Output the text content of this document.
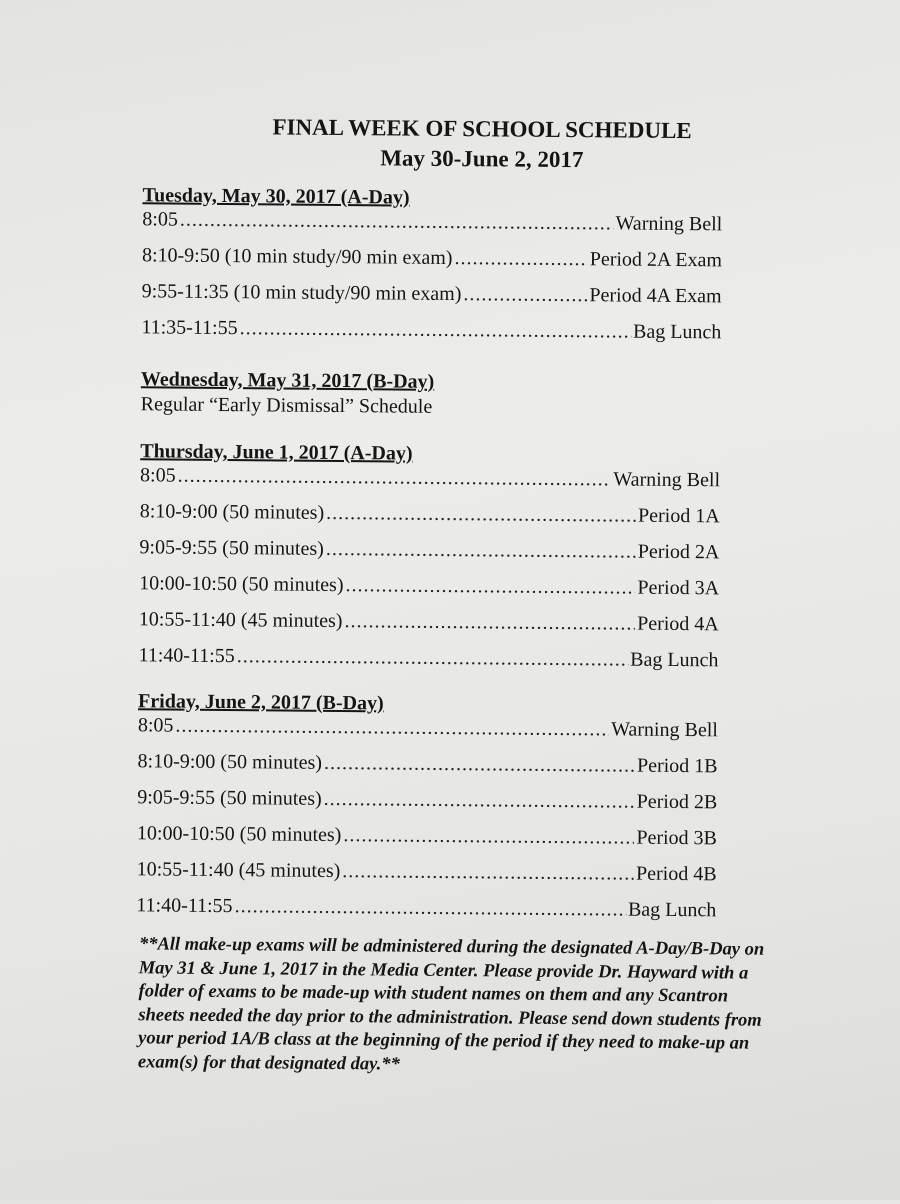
FINAL WEEK OF SCHOOL SCHEDULE

May 30-June 2, 2017

Tuesday, May 30, 2017 (A-Day)

8:05 .....	Warning Bell
8:10-9:50 (10 min study/90 min exam) .....	Period 2A Exam
9:55-11:35 (10 min study/90 min exam) .....	Period 4A Exam
11:35-11:55 .....	Bag Lunch

Wednesday, May 31, 2017 (B-Day)

Regular “Early Dismissal” Schedule

Thursday, June 1, 2017 (A-Day)

8:05 .....	Warning Bell
8:10-9:00 (50 minutes) .....	Period 1A
9:05-9:55 (50 minutes) .....	Period 2A
10:00-10:50 (50 minutes) .....	Period 3A
10:55-11:40 (45 minutes) .....	Period 4A
11:40-11:55 .....	Bag Lunch

Friday, June 2, 2017 (B-Day)

8:05 .....	Warning Bell
8:10-9:00 (50 minutes) .....	Period 1B
9:05-9:55 (50 minutes) .....	Period 2B
10:00-10:50 (50 minutes) .....	Period 3B
10:55-11:40 (45 minutes) .....	Period 4B
11:40-11:55 .....	Bag Lunch

**All make-up exams will be administered during the designated A-Day/B-Day on May 31 & June 1, 2017 in the Media Center. Please provide Dr. Hayward with a folder of exams to be made-up with student names on them and any Scantron sheets needed the day prior to the administration. Please send down students from your period 1A/B class at the beginning of the period if they need to make-up an exam(s) for that designated day.**
